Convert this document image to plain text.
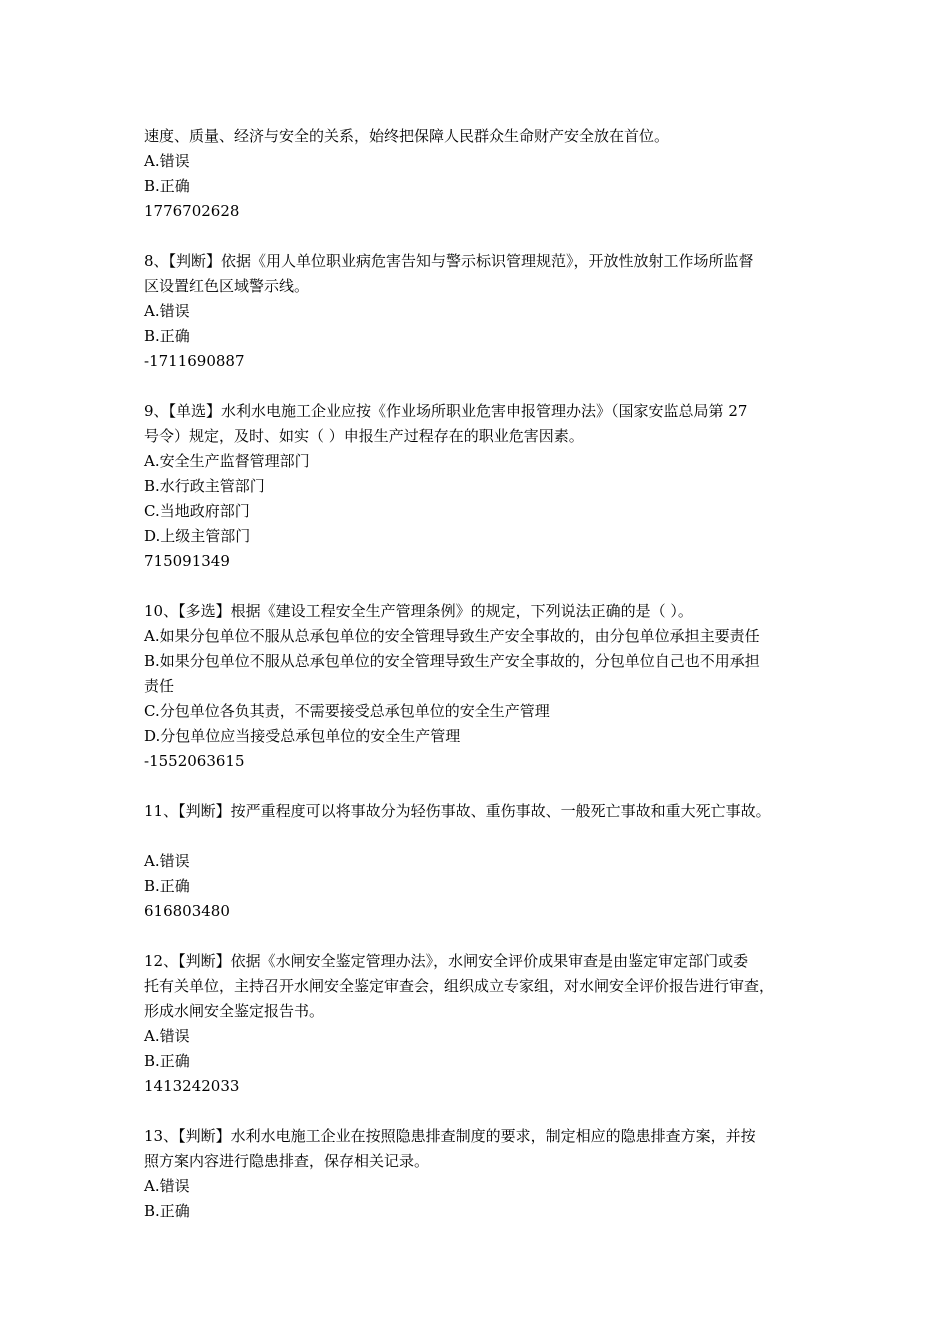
速度、质量、经济与安全的关系，始终把保障人民群众生命财产安全放在首位。
A.错误
B.正确
1776702628
8、【判断】依据《用人单位职业病危害告知与警示标识管理规范》，开放性放射工作场所监督
区设置红色区域警示线。
A.错误
B.正确
-1711690887
9、【单选】水利水电施工企业应按《作业场所职业危害申报管理办法》（国家安监总局第 27
号令）规定，及时、如实（ ）申报生产过程存在的职业危害因素。
A.安全生产监督管理部门
B.水行政主管部门
C.当地政府部门
D.上级主管部门
715091349
10、【多选】根据《建设工程安全生产管理条例》的规定，下列说法正确的是（ ）。
A.如果分包单位不服从总承包单位的安全管理导致生产安全事故的，由分包单位承担主要责任
B.如果分包单位不服从总承包单位的安全管理导致生产安全事故的，分包单位自己也不用承担
责任
C.分包单位各负其责，不需要接受总承包单位的安全生产管理
D.分包单位应当接受总承包单位的安全生产管理
-1552063615
11、【判断】按严重程度可以将事故分为轻伤事故、重伤事故、一般死亡事故和重大死亡事故。
A.错误
B.正确
616803480
12、【判断】依据《水闸安全鉴定管理办法》，水闸安全评价成果审查是由鉴定审定部门或委
托有关单位，主持召开水闸安全鉴定审查会，组织成立专家组，对水闸安全评价报告进行审查，
形成水闸安全鉴定报告书。
A.错误
B.正确
1413242033
13、【判断】水利水电施工企业在按照隐患排查制度的要求，制定相应的隐患排查方案，并按
照方案内容进行隐患排查，保存相关记录。
A.错误
B.正确
